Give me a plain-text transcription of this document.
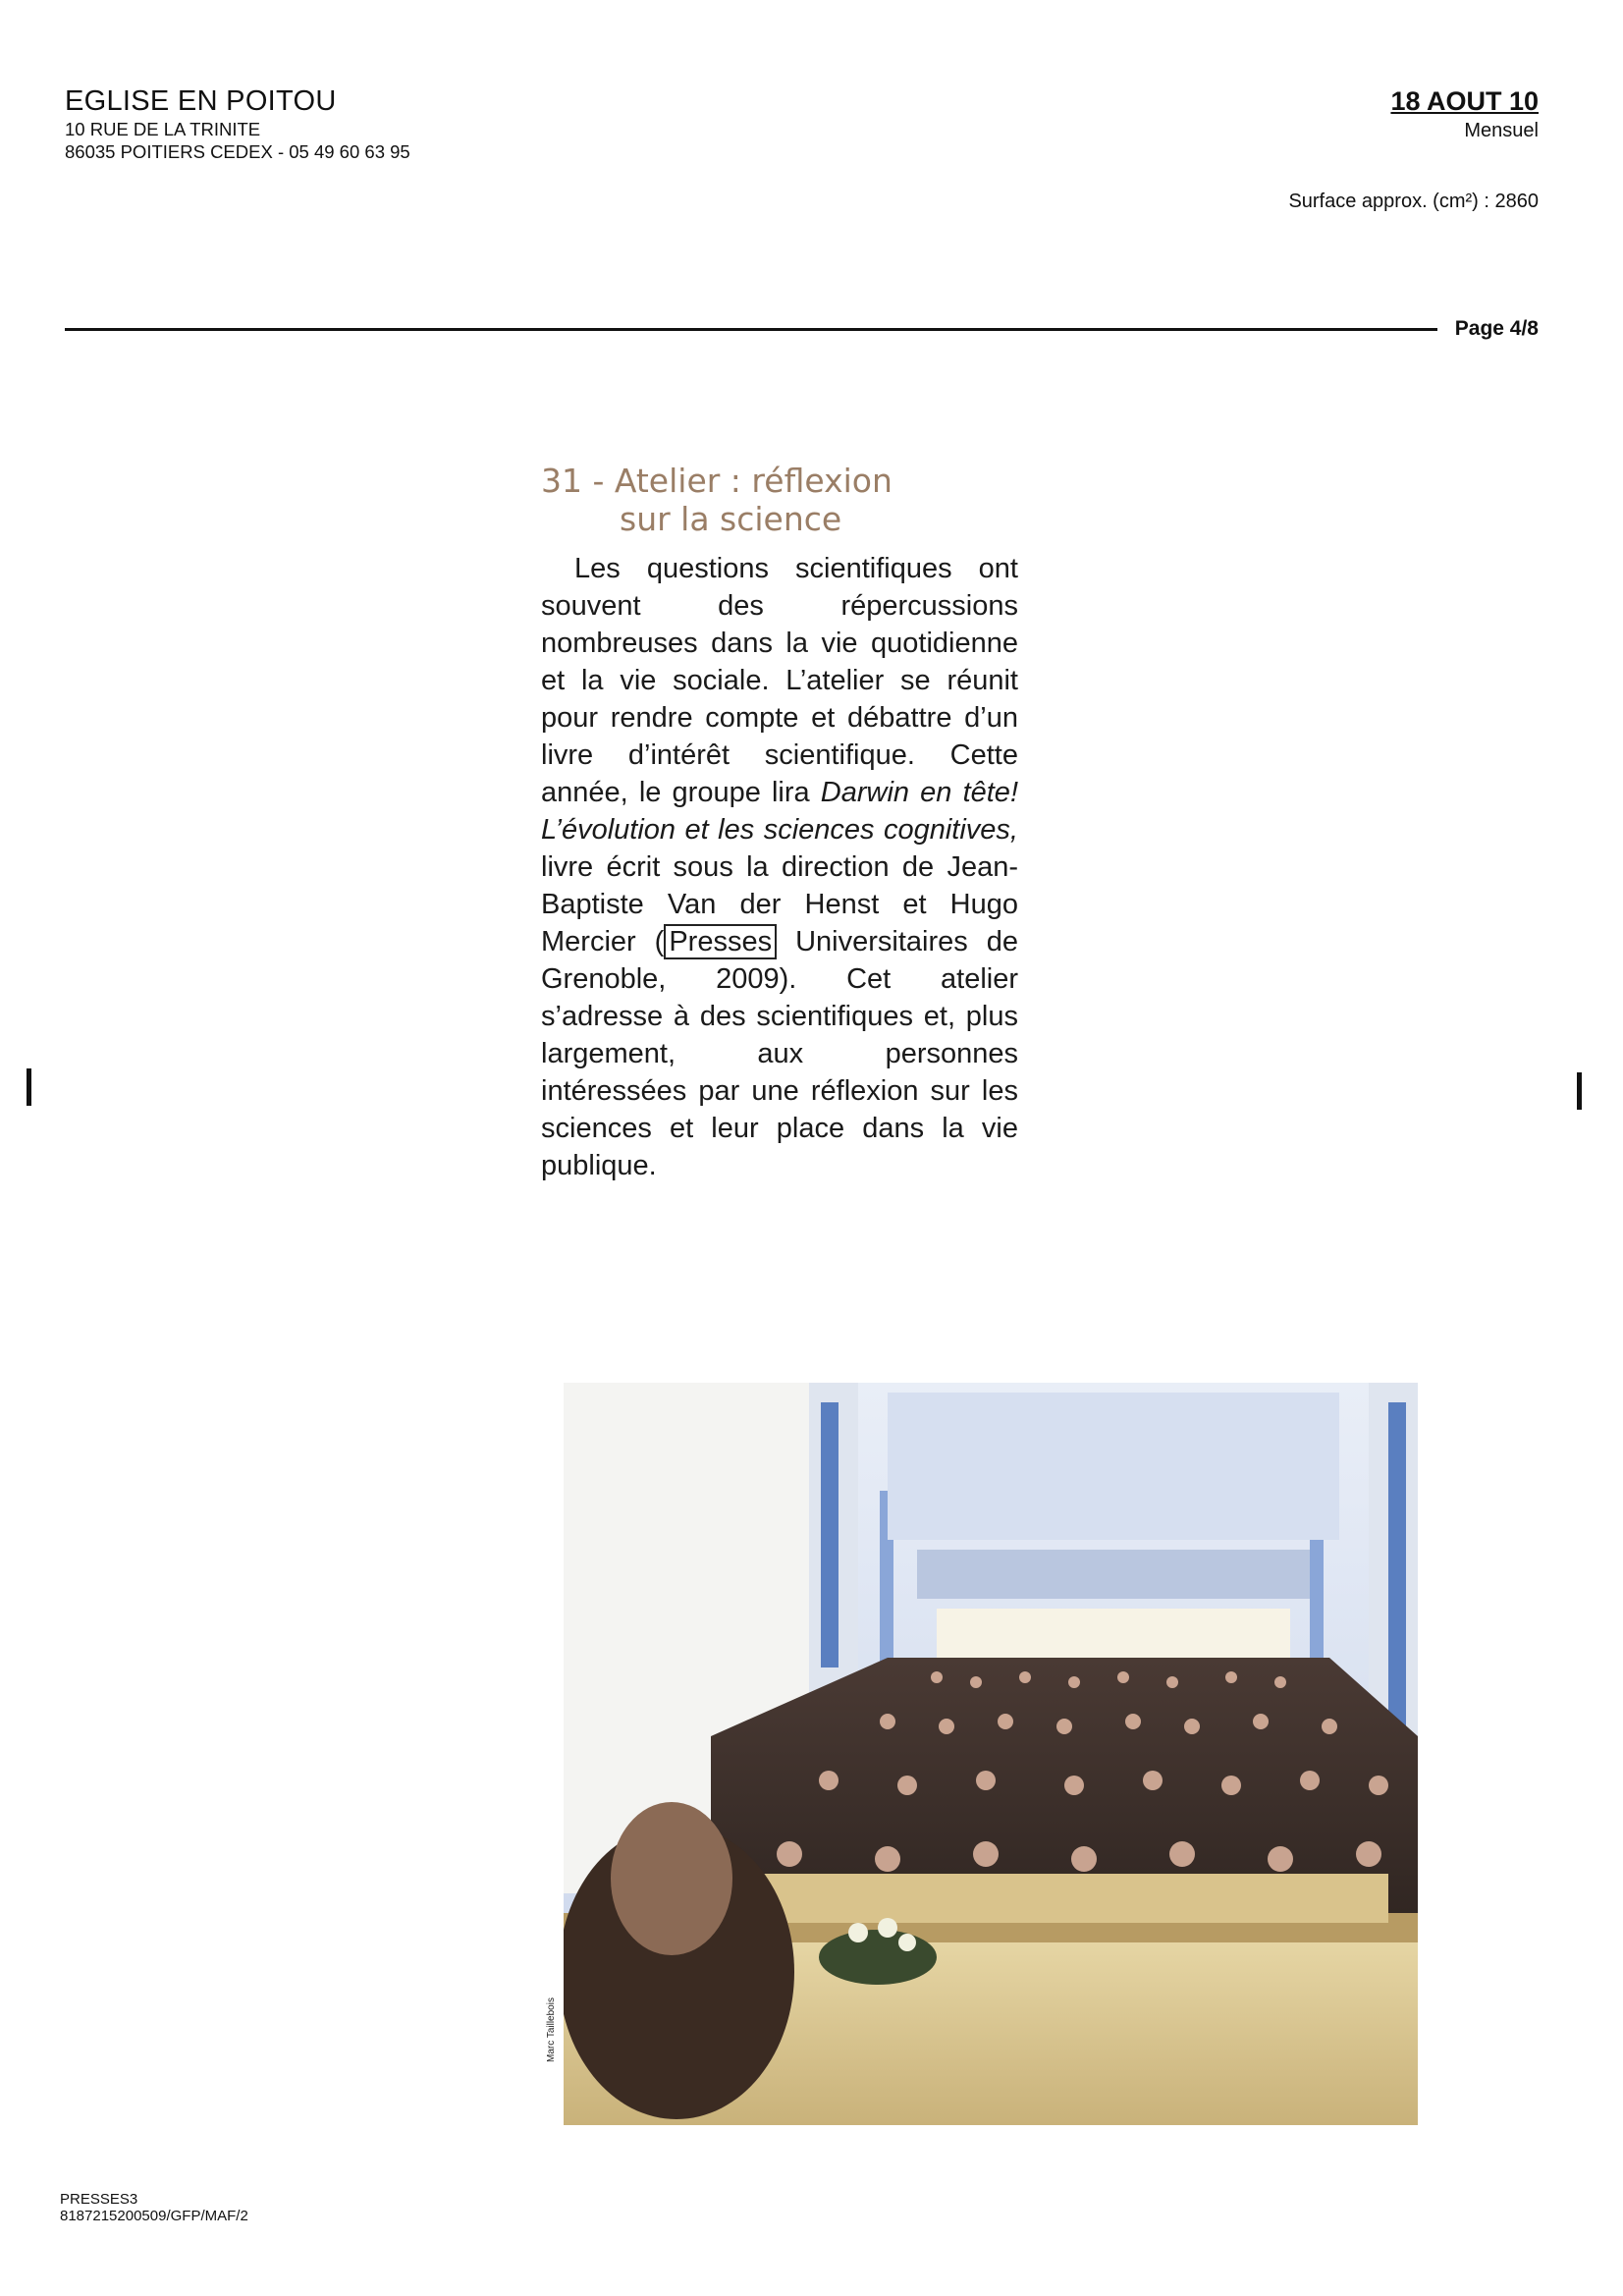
EGLISE EN POITOU
10 RUE DE LA TRINITE
86035 POITIERS CEDEX - 05 49 60 63 95
18 AOUT 10
Mensuel
Surface approx. (cm²) : 2860
Page 4/8
31 - Atelier : réflexion
sur la science

Les questions scientifiques ont souvent des répercussions nombreuses dans la vie quotidienne et la vie sociale. L’atelier se réunit pour rendre compte et débattre d’un livre d’intérêt scientifique. Cette année, le groupe lira Darwin en tête! L’évolution et les sciences cognitives, livre écrit sous la direction de Jean-Baptiste Van der Henst et Hugo Mercier ( Presses Universitaires de Grenoble, 2009). Cet atelier s’adresse à des scientifiques et, plus largement, aux personnes intéressées par une réflexion sur les sciences et leur place dans la vie publique.

Marc Taillebois
PRESSES3
8187215200509/GFP/MAF/2
